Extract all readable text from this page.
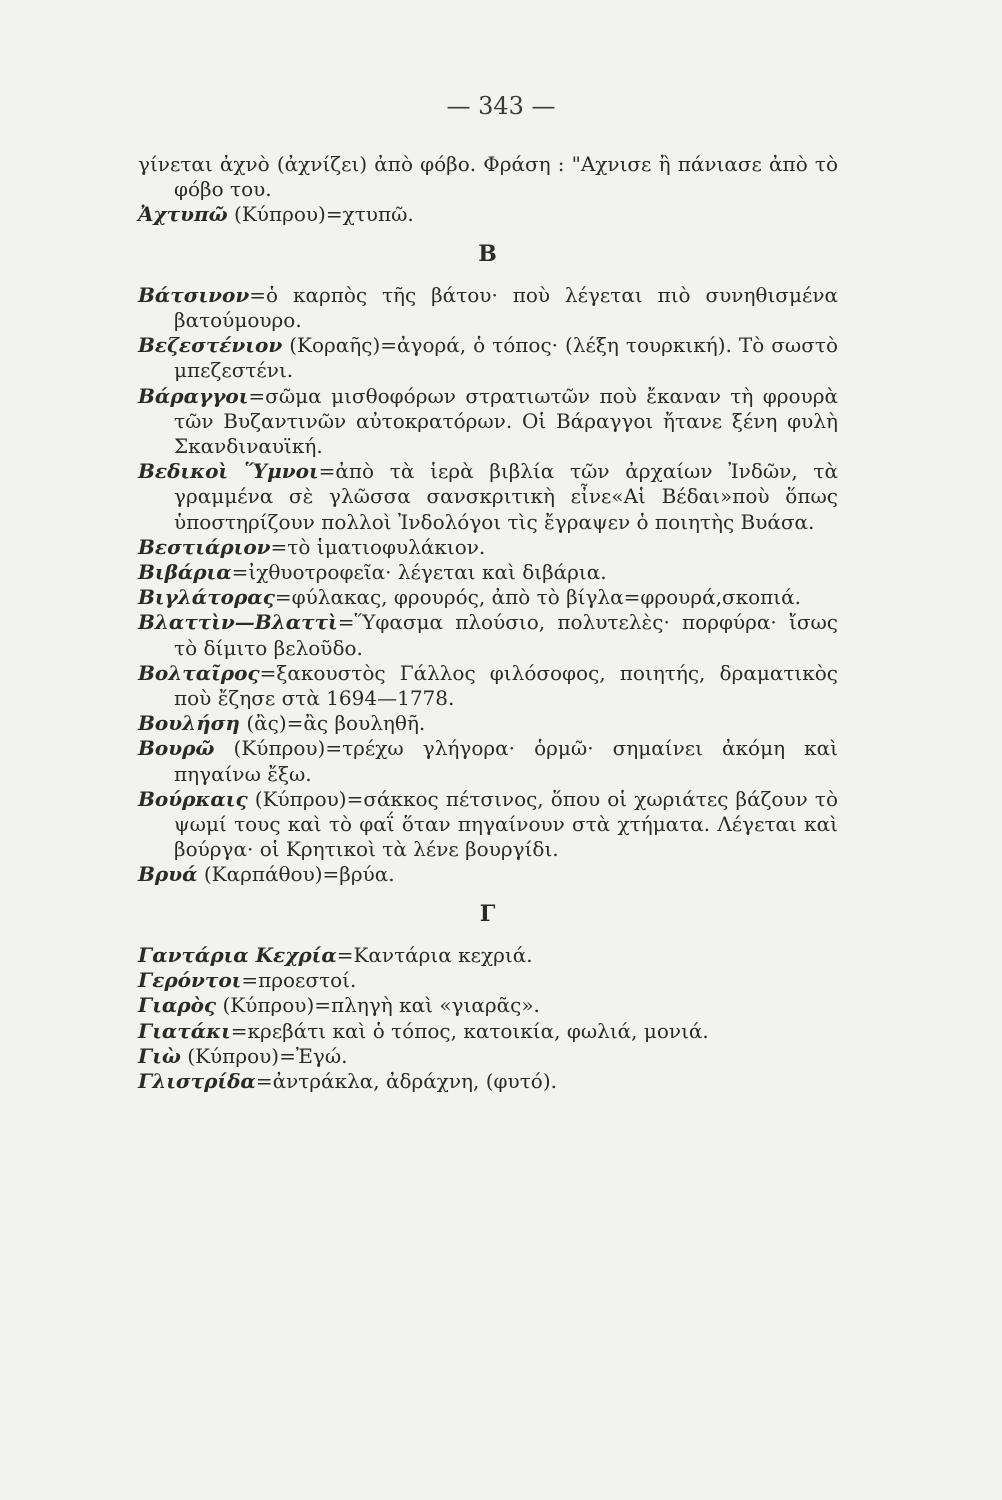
— 343 —

γίνεται ἀχνὸ (ἀχνίζει) ἀπὸ φόβο. Φράση : "Αχνισε ἢ πάνιασε ἀπὸ τὸ φόβο του.

Ἀχτυπῶ (Κύπρου)=χτυπῶ.

Β

Βάτσινον=ὁ καρπὸς τῆς βάτου· ποὺ λέγεται πιὸ συνηθισμένα βατούμουρο.

Βεζεστένιον (Κοραῆς)=ἀγορά, ὁ τόπος· (λέξη τουρκική). Τὸ σωστὸ μπεζεστένι.

Βάραγγοι=σῶμα μισθοφόρων στρατιωτῶν ποὺ ἔκαναν τὴ φρουρὰ τῶν Βυζαντινῶν αὐτοκρατόρων. Οἱ Βάραγγοι ἤτανε ξένη φυλὴ Σκανδιναυϊκή.

Βεδικοὶ Ὕμνοι=ἀπὸ τὰ ἱερὰ βιβλία τῶν ἀρχαίων Ἰνδῶν, τὰ γραμμένα σὲ γλῶσσα σανσκριτικὴ εἶνε«Αἱ Βέδαι»ποὺ ὅπως ὑποστηρίζουν πολλοὶ Ἰνδολόγοι τὶς ἔγραψεν ὁ ποιητὴς Βυάσα.

Βεστιάριον=τὸ ἱματιοφυλάκιον.

Βιβάρια=ἰχθυοτροφεῖα· λέγεται καὶ διβάρια.

Βιγλάτορας=φύλακας, φρουρός, ἀπὸ τὸ βίγλα=φρουρά,σκοπιά.

Βλαττὶν—Βλαττὶ=Ὕφασμα πλούσιο, πολυτελὲς· πορφύρα· ἴσως τὸ δίμιτο βελοῦδο.

Βολταῖρος=ξακουστὸς Γάλλος φιλόσοφος, ποιητής, δραματικὸς ποὺ ἔζησε στὰ 1694—1778.

Βουλήση (ἂς)=ἂς βουληθῆ.

Βουρῶ (Κύπρου)=τρέχω γλήγορα· ὁρμῶ· σημαίνει ἀκόμη καὶ πηγαίνω ἔξω.

Βούρκαις (Κύπρου)=σάκκος πέτσινος, ὅπου οἱ χωριάτες βάζουν τὸ ψωμί τους καὶ τὸ φαΐ ὅταν πηγαίνουν στὰ χτήματα. Λέγεται καὶ βούργα· οἱ Κρητικοὶ τὰ λένε βουργίδι.

Βρυά (Καρπάθου)=βρύα.

Γ

Γαντάρια Κεχρία=Καντάρια κεχριά.

Γερόντοι=προεστοί.

Γιαρὸς (Κύπρου)=πληγὴ καὶ «γιαρᾶς».

Γιατάκι=κρεβάτι καὶ ὁ τόπος, κατοικία, φωλιά, μονιά.

Γιὼ (Κύπρου)=Ἐγώ.

Γλιστρίδα=ἀντράκλα, ἀδράχνη, (φυτό).
